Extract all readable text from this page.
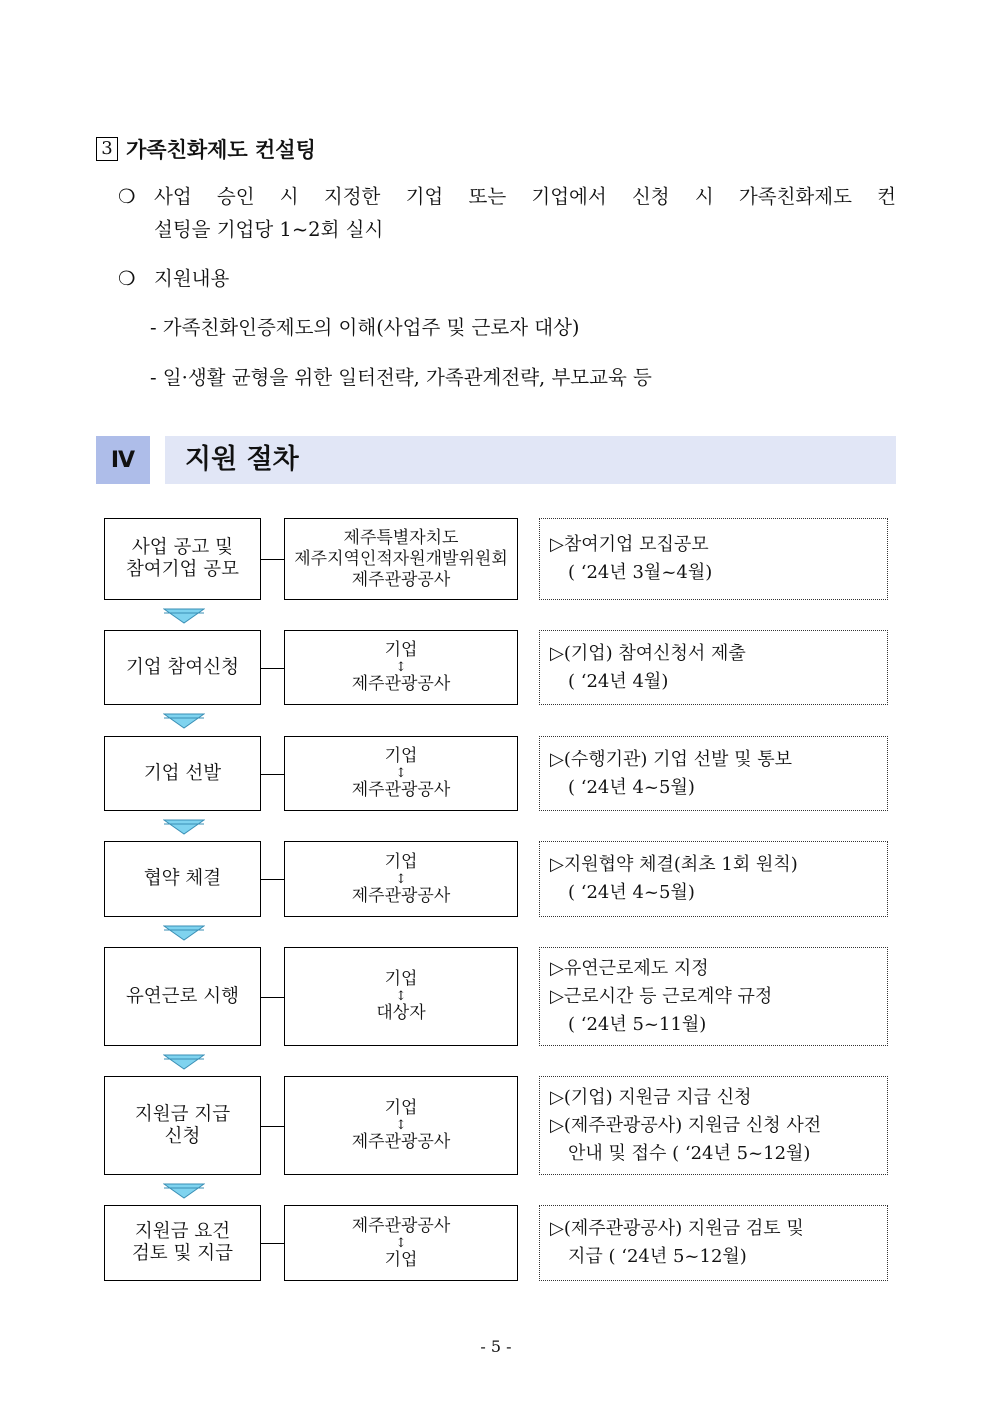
3 가족친화제도 컨설팅
❍ 사업 승인 시 지정한 기업 또는 기업에서 신청 시 가족친화제도 컨
설팅을 기업당 1~2회 실시
❍ 지원내용
- 가족친화인증제도의 이해(사업주 및 근로자 대상)
- 일·생활 균형을 위한 일터전략, 가족관계전략, 부모교육 등
Ⅳ	지원 절차
사업 공고 및
참여기업 공모
제주특별자치도
제주지역인적자원개발위원회
제주관광공사
▷참여기업 모집공모
( ‘24년 3월~4월)
기업 참여신청
기업
↕
제주관광공사
▷(기업) 참여신청서 제출
( ‘24년 4월)
기업 선발
기업
↕
제주관광공사
▷(수행기관) 기업 선발 및 통보
( ‘24년 4~5월)
협약 체결
기업
↕
제주관광공사
▷지원협약 체결(최초 1회 원칙)
( ‘24년 4~5월)
유연근로 시행
기업
↕
대상자
▷유연근로제도 지정
▷근로시간 등 근로계약 규정
( ‘24년 5~11월)
지원금 지급
신청
기업
↕
제주관광공사
▷(기업) 지원금 지급 신청
▷(제주관광공사) 지원금 신청 사전
안내 및 접수 ( ‘24년 5~12월)
지원금 요건
검토 및 지급
제주관광공사
↕
기업
▷(제주관광공사) 지원금 검토 및
지급 ( ‘24년 5~12월)
- 5 -
